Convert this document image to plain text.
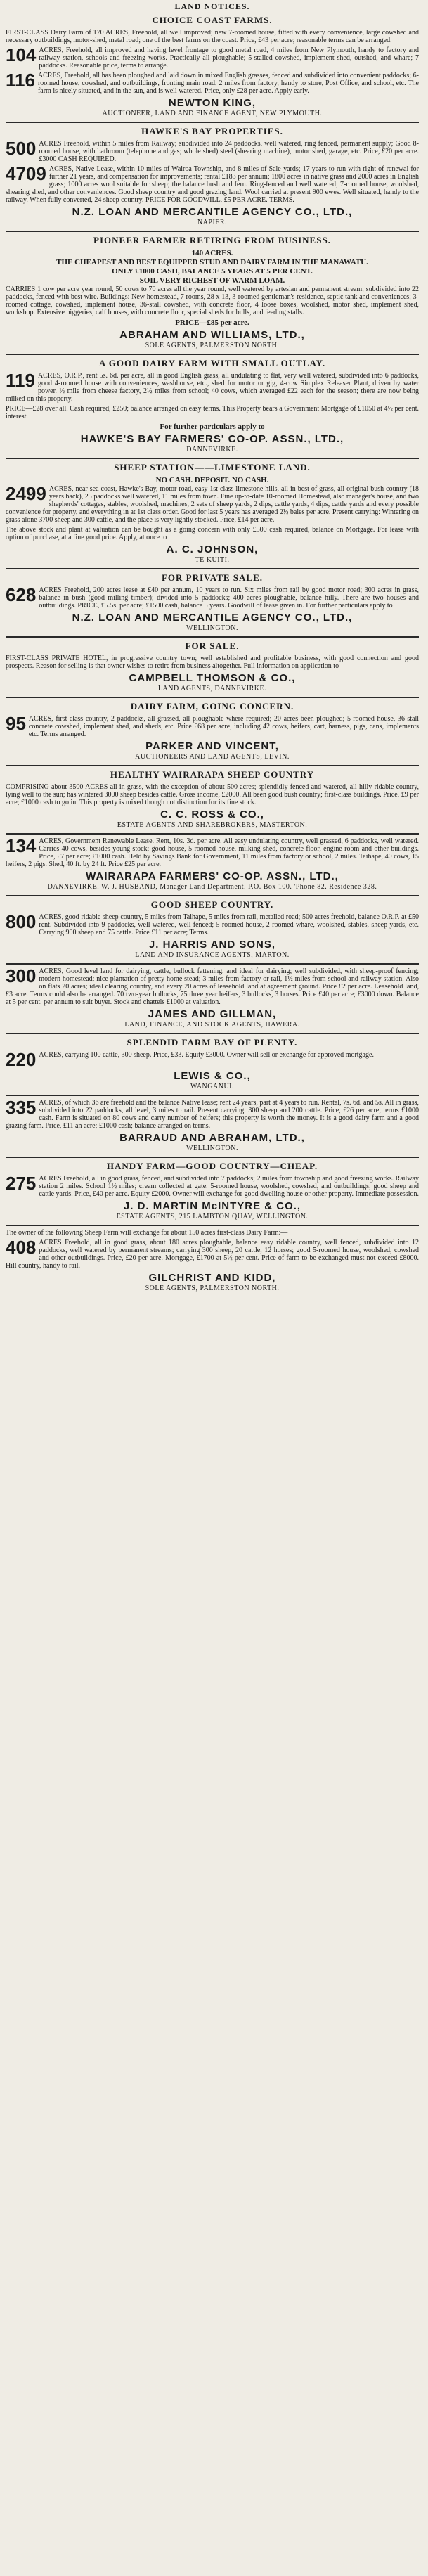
LAND NOTICES.
CHOICE COAST FARMS.

FIRST-CLASS Dairy Farm of 170 ACRES, Freehold, all well improved; new 7-roomed house, fitted with every convenience, large cowshed and necessary outbuildings, motor-shed, metal road; one of the best farms on the coast. Price, £43 per acre; reasonable terms can be arranged.

104 ACRES, Freehold, all improved and having level frontage to good metal road, 4 miles from New Plymouth, handy to factory and railway station, schools and freezing works. Practically all ploughable; 5-stalled cowshed, implement shed, outshed, and whare; 7 paddocks. Reasonable price, terms to arrange.

116 ACRES, Freehold, all has been ploughed and laid down in mixed English grasses, fenced and subdivided into convenient paddocks; 6-roomed house, cowshed, and outbuildings, fronting main road, 2 miles from factory, handy to store, Post Office, and school, etc. The farm is nicely situated, and in the sun, and is well watered. Price, only £28 per acre. Apply early.

NEWTON KING,
AUCTIONEER, LAND AND FINANCE AGENT, NEW PLYMOUTH.
HAWKE'S BAY PROPERTIES.

500 ACRES Freehold, within 5 miles from Railway; subdivided into 24 paddocks, well watered, ring fenced, permanent supply; Good 8-roomed house, with bathroom (telephone and gas; whole shed) steel (shearing machine), motor shed, garage, etc. Price, £20 per acre. £3000 CASH REQUIRED.

4709 ACRES, Native Lease, within 10 miles of Wairoa Township, and 8 miles of Sale-yards; 17 years to run with right of renewal for further 21 years, and compensation for improvements; rental £183 per annum; 1800 acres in native grass and 2000 acres in English grass; 1000 acres wool suitable for sheep; the balance bush and fern. Ring-fenced and well watered; 7-roomed house, woolshed, shearing shed, and other conveniences. Good sheep country and good grazing land. Wool carried at present 900 ewes. Well situated, handy to the railway. When fully converted, 24 sheep country. PRICE FOR GOODWILL, £5 PER ACRE. TERMS.

N.Z. LOAN AND MERCANTILE AGENCY CO., LTD.,
NAPIER.
PIONEER FARMER RETIRING FROM BUSINESS.
140 ACRES.
THE CHEAPEST AND BEST EQUIPPED STUD AND DAIRY FARM IN THE MANAWATU.
ONLY £1000 CASH, BALANCE 5 YEARS AT 5 PER CENT.
SOIL VERY RICHEST OF WARM LOAM.

CARRIES 1 cow per acre year round, 50 cows to 70 acres all the year round, well watered by artesian and permanent stream; subdivided into 22 paddocks, fenced with best wire. Buildings: New homestead, 7 rooms, 28 x 13, 3-roomed gentleman's residence, septic tank and conveniences; 3-roomed cottage, cowshed, implement house, 36-stall cowshed, with concrete floor, 4 loose boxes, woolshed, motor shed, implement shed, workshop. Extensive piggeries, calf houses, with concrete floor, special sheds for bulls, and feeding stalls.

PRICE—£85 per acre.
ABRAHAM AND WILLIAMS, LTD.,
SOLE AGENTS, PALMERSTON NORTH.
A GOOD DAIRY FARM WITH SMALL OUTLAY.

119 ACRES, O.R.P., rent 5s. 6d. per acre, all in good English grass, all undulating to flat, very well watered, subdivided into 6 paddocks, good 4-roomed house with conveniences, washhouse, etc., shed for motor or gig, 4-cow Simplex Releaser Plant, driven by water power. ½ mile from cheese factory, 2½ miles from school; 40 cows, which averaged £22 each for the season; there are now being milked on this property.

PRICE—£28 over all. Cash required, £250; balance arranged on easy terms. This Property bears a Government Mortgage of £1050 at 4½ per cent. interest.

For further particulars apply to
HAWKE'S BAY FARMERS' CO-OP. ASSN., LTD.,
DANNEVIRKE.
SHEEP STATION——LIMESTONE LAND.
NO CASH. DEPOSIT. NO CASH.

2499 ACRES, near sea coast, Hawke's Bay, motor road, easy 1st class limestone hills, all in best of grass, all original bush country (18 years back), 25 paddocks well watered, 11 miles from town. Fine up-to-date 10-roomed Homestead, also manager's house, and two shepherds' cottages, stables, woolshed, machines, 2 sets of sheep yards, 2 dips, cattle yards, 4 dips, cattle yards and every possible convenience for property, and everything in at 1st class order. Good for last 5 years has averaged 2½ bales per acre. Present carrying: Wintering on grass alone 3700 sheep and 300 cattle, and the place is very lightly stocked. Price, £14 per acre.

The above stock and plant at valuation can be bought as a going concern with only £500 cash required, balance on Mortgage. For lease with option of purchase, at a fine good price. Apply, at once to

A. C. JOHNSON,
TE KUITI.
FOR PRIVATE SALE.

628 ACRES Freehold, 200 acres lease at £40 per annum, 10 years to run. Six miles from rail by good motor road; 300 acres in grass, balance in bush (good milling timber); divided into 5 paddocks; 400 acres ploughable, balance hilly. There are two houses and outbuildings. PRICE, £5.5s. per acre; £1500 cash, balance 5 years. Goodwill of lease given in. For further particulars apply to

N.Z. LOAN AND MERCANTILE AGENCY CO., LTD.,
WELLINGTON.
FOR SALE.

FIRST-CLASS PRIVATE HOTEL, in progressive country town; well established and profitable business, with good connection and good prospects. Reason for selling is that owner wishes to retire from business altogether. Full information on application to

CAMPBELL THOMSON & CO.,
LAND AGENTS, DANNEVIRKE.
DAIRY FARM, GOING CONCERN.

95 ACRES, first-class country, 2 paddocks, all grassed, all ploughable where required; 20 acres been ploughed; 5-roomed house, 36-stall concrete cowshed, implement shed, and sheds, etc. Price £68 per acre, including 42 cows, heifers, cart, harness, pigs, cans, implements etc. Terms arranged.

PARKER AND VINCENT,
AUCTIONEERS AND LAND AGENTS, LEVIN.
HEALTHY WAIRARAPA SHEEP COUNTRY

COMPRISING about 3500 ACRES all in grass, with the exception of about 500 acres; splendidly fenced and watered, all hilly ridable country, lying well to the sun; has wintered 3000 sheep besides cattle. Gross income, £2000. All been good bush country; first-class buildings. Price, £9 per acre; £1000 cash to go in. This property is mixed though not distinction for its fine stock.

C. C. ROSS & CO.,
ESTATE AGENTS AND SHAREBROKERS, MASTERTON.

134 ACRES, Government Renewable Lease. Rent, 10s. 3d. per acre. All easy undulating country, well grassed, 6 paddocks, well watered. Carries 40 cows, besides young stock; good house, 5-roomed house, milking shed, concrete floor, engine-room and other buildings. Price, £7 per acre; £1000 cash. Held by Savings Bank for Government, 11 miles from factory or school, 2 miles. Taihape, 40 cows, 15 heifers, 2 pigs. Shed, 40 ft. by 24 ft. Price £25 per acre.

WAIRARAPA FARMERS' CO-OP. ASSN., LTD.,
DANNEVIRKE. W. J. HUSBAND, Manager Land Department. P.O. Box 100. 'Phone 82. Residence 328.
GOOD SHEEP COUNTRY.

800 ACRES, good ridable sheep country, 5 miles from Taihape, 5 miles from rail, metalled road; 500 acres freehold, balance O.R.P. at £50 rent. Subdivided into 9 paddocks, well watered, well fenced; 5-roomed house, 2-roomed whare, woolshed, stables, sheep yards, etc. Carrying 900 sheep and 75 cattle. Price £11 per acre; Terms.

J. HARRIS AND SONS,
LAND AND INSURANCE AGENTS, MARTON.

300 ACRES, Good level land for dairying, cattle, bullock fattening, and ideal for dairying; well subdivided, with sheep-proof fencing; modern homestead; nice plantation of pretty home stead; 3 miles from factory or rail, 1½ miles from school and railway station. Also on flats 20 acres; ideal clearing country, and every 20 acres of leasehold land at agreement ground. Price £2 per acre. Leasehold land, £3 acre. Terms could also be arranged. 70 two-year bullocks, 75 three year heifers, 3 bullocks, 3 horses. Price £40 per acre; £3000 down. Balance at 5 per cent. per annum to suit buyer. Stock and chattels £1000 at valuation.

JAMES AND GILLMAN,
LAND, FINANCE, AND STOCK AGENTS, HAWERA.
SPLENDID FARM BAY OF PLENTY.

220 ACRES, carrying 100 cattle, 300 sheep. Price, £33. Equity £3000. Owner will sell or exchange for approved mortgage.

LEWIS & CO.,
WANGANUI.

335 ACRES, of which 36 are freehold and the balance Native lease; rent 24 years, part at 4 years to run. Rental, 7s. 6d. and 5s. All in grass, subdivided into 22 paddocks, all level, 3 miles to rail. Present carrying: 300 sheep and 200 cattle. Price, £26 per acre; terms £1000 cash. Farm is situated on 80 cows and carry number of heifers; this property is worth the money. It is a good dairy farm and a good grazing farm. Price, £11 an acre; £1000 cash; balance arranged on terms.

BARRAUD AND ABRAHAM, LTD.,
WELLINGTON.
HANDY FARM—GOOD COUNTRY—CHEAP.

275 ACRES Freehold, all in good grass, fenced, and subdivided into 7 paddocks; 2 miles from township and good freezing works. Railway station 2 miles. School 1½ miles; cream collected at gate. 5-roomed house, woolshed, cowshed, and outbuildings; good sheep and cattle yards. Price, £40 per acre. Equity £2000. Owner will exchange for good dwelling house or other property. Immediate possession.

J. D. MARTIN McINTYRE & CO.,
ESTATE AGENTS, 215 LAMBTON QUAY, WELLINGTON.

The owner of the following Sheep Farm will exchange for about 150 acres first-class Dairy Farm:—

408 ACRES Freehold, all in good grass, about 180 acres ploughable, balance easy ridable country, well fenced, subdivided into 12 paddocks, well watered by permanent streams; carrying 300 sheep, 20 cattle, 12 horses; good 5-roomed house, woolshed, cowshed and other outbuildings. Price, £20 per acre. Mortgage, £1700 at 5½ per cent. Price of farm to be exchanged must not exceed £8000. Hill country, handy to rail.

GILCHRIST AND KIDD,
SOLE AGENTS, PALMERSTON NORTH.
